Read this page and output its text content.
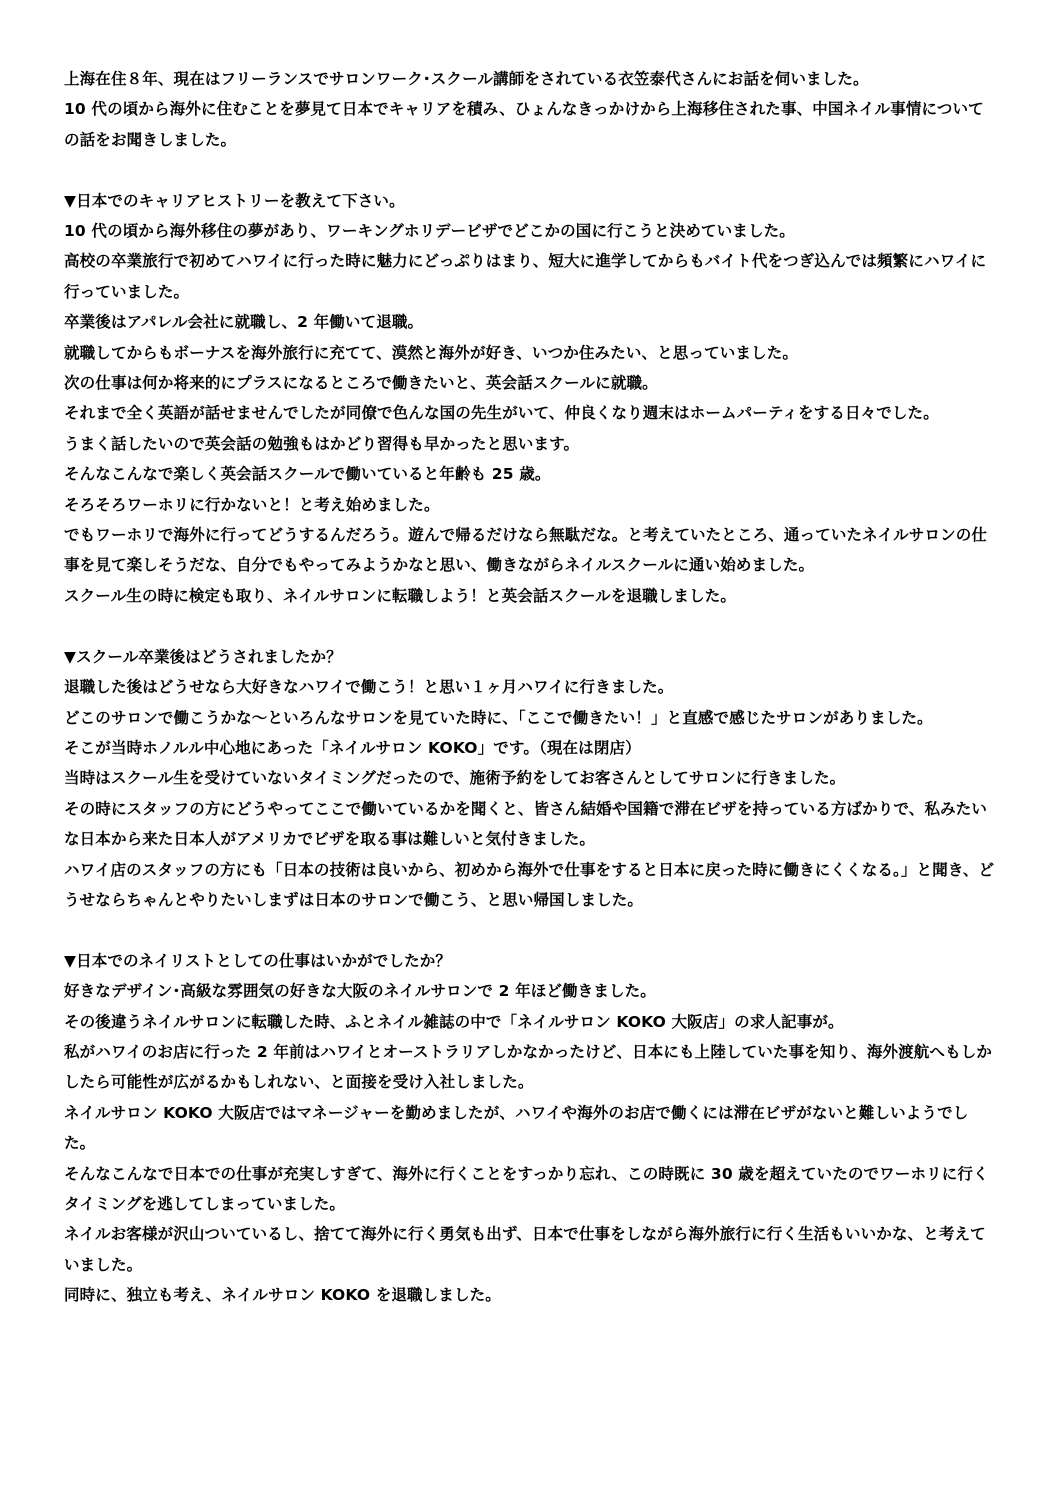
上海在住８年、現在はフリーランスでサロンワーク･スクール講師をされている衣笠泰代さんにお話を伺いました。

10 代の頃から海外に住むことを夢見て日本でキャリアを積み、ひょんなきっかけから上海移住された事、中国ネイル事情についての話をお聞きしました。

▼日本でのキャリアヒストリーを教えて下さい。

10 代の頃から海外移住の夢があり、ワーキングホリデービザでどこかの国に行こうと決めていました。

高校の卒業旅行で初めてハワイに行った時に魅力にどっぷりはまり、短大に進学してからもバイト代をつぎ込んでは頻繁にハワイに行っていました。

卒業後はアパレル会社に就職し、2 年働いて退職。

就職してからもボーナスを海外旅行に充てて、漠然と海外が好き、いつか住みたい、と思っていました。

次の仕事は何か将来的にプラスになるところで働きたいと、英会話スクールに就職。

それまで全く英語が話せませんでしたが同僚で色んな国の先生がいて、仲良くなり週末はホームパーティをする日々でした。

うまく話したいので英会話の勉強もはかどり習得も早かったと思います。

そんなこんなで楽しく英会話スクールで働いていると年齢も 25 歳。

そろそろワーホリに行かないと！と考え始めました。

でもワーホリで海外に行ってどうするんだろう。遊んで帰るだけなら無駄だな。と考えていたところ、通っていたネイルサロンの仕事を見て楽しそうだな、自分でもやってみようかなと思い、働きながらネイルスクールに通い始めました。

スクール生の時に検定も取り、ネイルサロンに転職しよう！と英会話スクールを退職しました。

▼スクール卒業後はどうされましたか？

退職した後はどうせなら大好きなハワイで働こう！と思い１ヶ月ハワイに行きました。

どこのサロンで働こうかな～といろんなサロンを見ていた時に、「ここで働きたい！」と直感で感じたサロンがありました。

そこが当時ホノルル中心地にあった「ネイルサロン KOKO」です。（現在は閉店）

当時はスクール生を受けていないタイミングだったので、施術予約をしてお客さんとしてサロンに行きました。

その時にスタッフの方にどうやってここで働いているかを聞くと、皆さん結婚や国籍で滞在ビザを持っている方ばかりで、私みたいな日本から来た日本人がアメリカでビザを取る事は難しいと気付きました。

ハワイ店のスタッフの方にも「日本の技術は良いから、初めから海外で仕事をすると日本に戻った時に働きにくくなる。」と聞き、どうせならちゃんとやりたいしまずは日本のサロンで働こう、と思い帰国しました。

▼日本でのネイリストとしての仕事はいかがでしたか？

好きなデザイン･高級な雰囲気の好きな大阪のネイルサロンで 2 年ほど働きました。

その後違うネイルサロンに転職した時、ふとネイル雑誌の中で「ネイルサロン KOKO 大阪店」の求人記事が。

私がハワイのお店に行った 2 年前はハワイとオーストラリアしかなかったけど、日本にも上陸していた事を知り、海外渡航へもしかしたら可能性が広がるかもしれない、と面接を受け入社しました。

ネイルサロン KOKO 大阪店ではマネージャーを勤めましたが、ハワイや海外のお店で働くには滞在ビザがないと難しいようでした。

そんなこんなで日本での仕事が充実しすぎて、海外に行くことをすっかり忘れ、この時既に 30 歳を超えていたのでワーホリに行くタイミングを逃してしまっていました。

ネイルお客様が沢山ついているし、捨てて海外に行く勇気も出ず、日本で仕事をしながら海外旅行に行く生活もいいかな、と考えていました。

同時に、独立も考え、ネイルサロン KOKO を退職しました。
